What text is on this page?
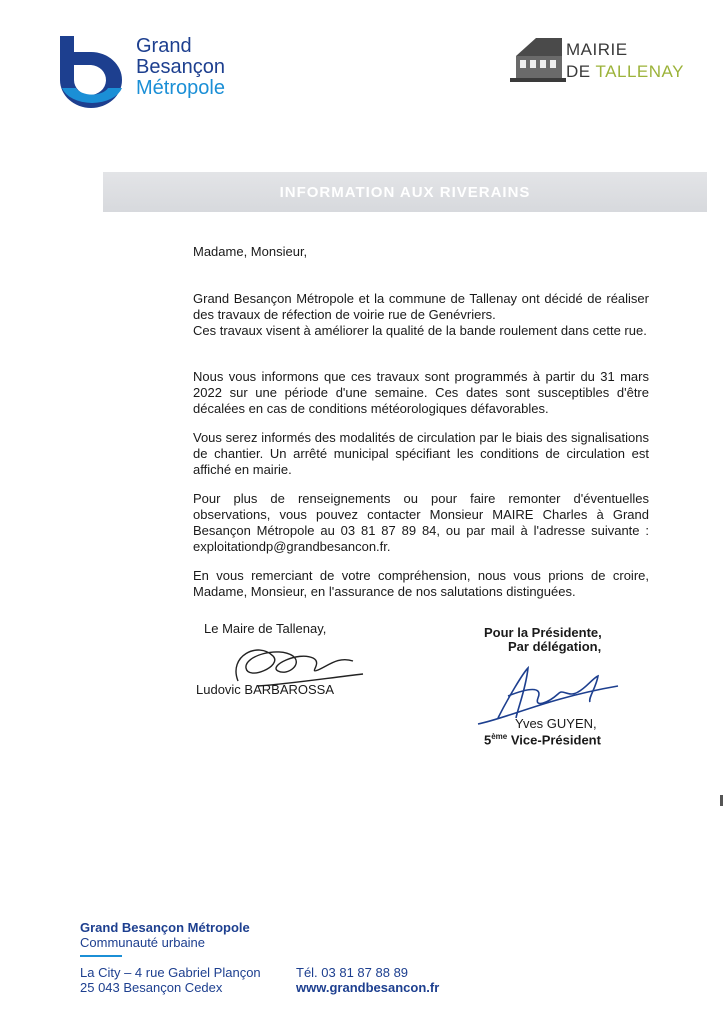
Grand
Besançon
Métropole
MAIRIE
DE TALLENAY
INFORMATION AUX RIVERAINS
Madame, Monsieur,
Grand Besançon Métropole et la commune de Tallenay ont décidé de réaliser des travaux de réfection de voirie rue de Genévriers.
Ces travaux visent à améliorer la qualité de la bande roulement dans cette rue.
Nous vous informons que ces travaux sont programmés à partir du 31 mars 2022 sur une période d'une semaine. Ces dates sont susceptibles d'être décalées en cas de conditions météorologiques défavorables.
Vous serez informés des modalités de circulation par le biais des signalisations de chantier. Un arrêté municipal spécifiant les conditions de circulation est affiché en mairie.
Pour plus de renseignements ou pour faire remonter d'éventuelles observations, vous pouvez contacter Monsieur MAIRE Charles à Grand Besançon Métropole au 03 81 87 89 84, ou par mail à l'adresse suivante : exploitationdp@grandbesancon.fr.
En vous remerciant de votre compréhension, nous vous prions de croire, Madame, Monsieur, en l'assurance de nos salutations distinguées.
Le Maire de Tallenay,
Ludovic BARBAROSSA
Pour la Présidente,
Par délégation,
Yves GUYEN,
5ème Vice-Président
Grand Besançon Métropole
Communauté urbaine
La City – 4 rue Gabriel Plançon
25 043 Besançon Cedex
Tél. 03 81 87 88 89
www.grandbesancon.fr
